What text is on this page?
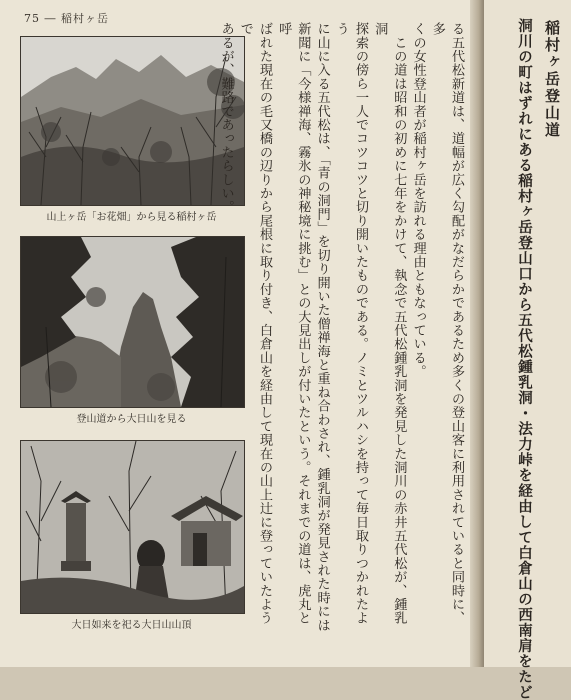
75 ― 稲村ヶ岳
山上ヶ岳「お花畑」から見る稲村ヶ岳
登山道から大日山を見る
大日如来を祀る大日山山頂

る五代松新道は、道幅が広く勾配がなだらかであるため多くの登山客に利用されていると同時に、多

くの女性登山者が稲村ヶ岳を訪れる理由ともなっている。

　この道は昭和の初めに七年をかけて、執念で五代松鍾乳洞を発見した洞川の赤井五代松が、鍾乳洞

探索の傍ら一人でコツコツと切り開いたものである。ノミとツルハシを持って毎日取りつかれたよう

に山に入る五代松は、「青の洞門」を切り開いた僧禅海と重ね合わされ、鍾乳洞が発見された時には

新聞に「今様禅海、霧氷の神秘境に挑む」との大見出しが付いたという。それまでの道は、虎丸と呼

ばれた現在の毛又橋の辺りから尾根に取り付き、白倉山を経由して現在の山上辻に登っていたようで

あるが、難路であったらしい。	稲村ヶ岳登山道
洞川の町はずれにある稲村ヶ岳登山口から五代松鍾乳洞・法力峠を経由して白倉山の西南肩をたど
